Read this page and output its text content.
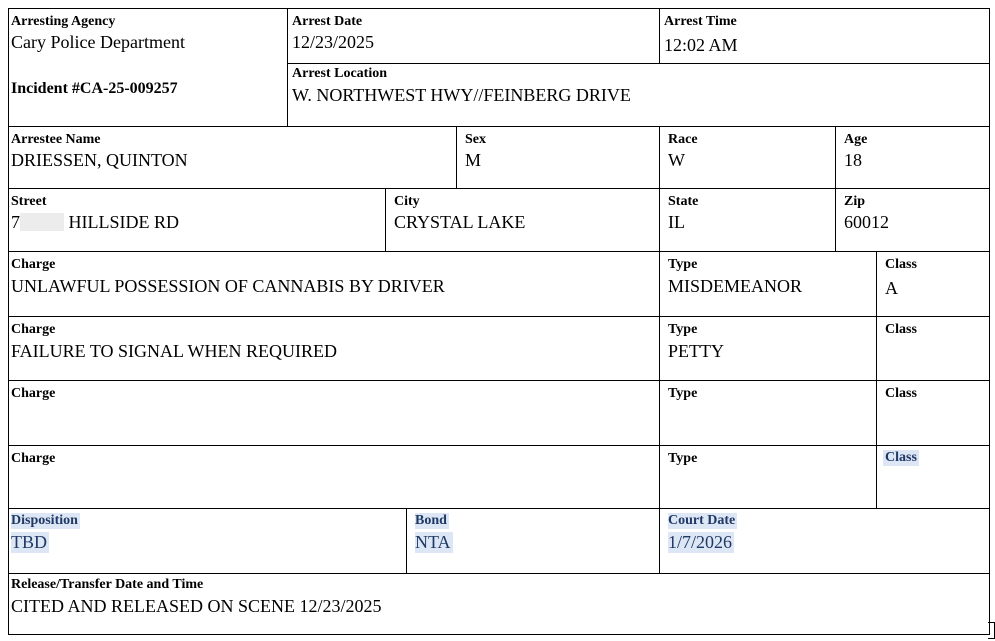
Arresting Agency
Cary Police Department
Incident #CA-25-009257
Arrest Date
12/23/2025
Arrest Time
12:02 AM
Arrest Location
W. NORTHWEST HWY//FEINBERG DRIVE
Arrestee Name
DRIESSEN, QUINTON
Sex
M
Race
W
Age
18
Street
7	HILLSIDE RD
City
CRYSTAL LAKE
State
IL
Zip
60012
Charge
UNLAWFUL POSSESSION OF CANNABIS BY DRIVER
Type
MISDEMEANOR
Class
A
Charge
FAILURE TO SIGNAL WHEN REQUIRED
Type
PETTY
Class
Charge	Type	Class
Charge	Type	Class
Disposition
TBD
Bond
NTA
Court Date
1/7/2026
Release/Transfer Date and Time
CITED AND RELEASED ON SCENE 12/23/2025
